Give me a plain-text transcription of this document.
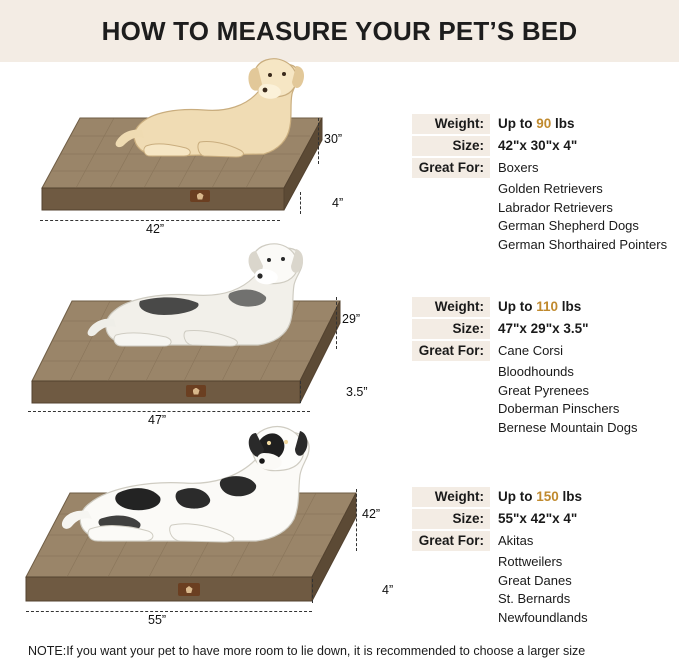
HOW TO MEASURE YOUR PET’S BED
30”
4”
42”
Weight:	Up to 90 lbs
Size:	42"x 30"x 4"
Great For:	Boxers
Golden Retrievers
Labrador Retrievers
German Shepherd Dogs
German Shorthaired Pointers
29”
3.5”
47”
Weight:	Up to 110 lbs
Size:	47"x 29"x 3.5"
Great For:	Cane Corsi
Bloodhounds
Great Pyrenees
Doberman Pinschers
Bernese Mountain Dogs
42”
4”
55”
Weight:	Up to 150 lbs
Size:	55"x 42"x 4"
Great For:	Akitas
Rottweilers
Great Danes
St. Bernards
Newfoundlands
NOTE:If you want your pet to have more room to lie down, it is recommended to choose a larger size
